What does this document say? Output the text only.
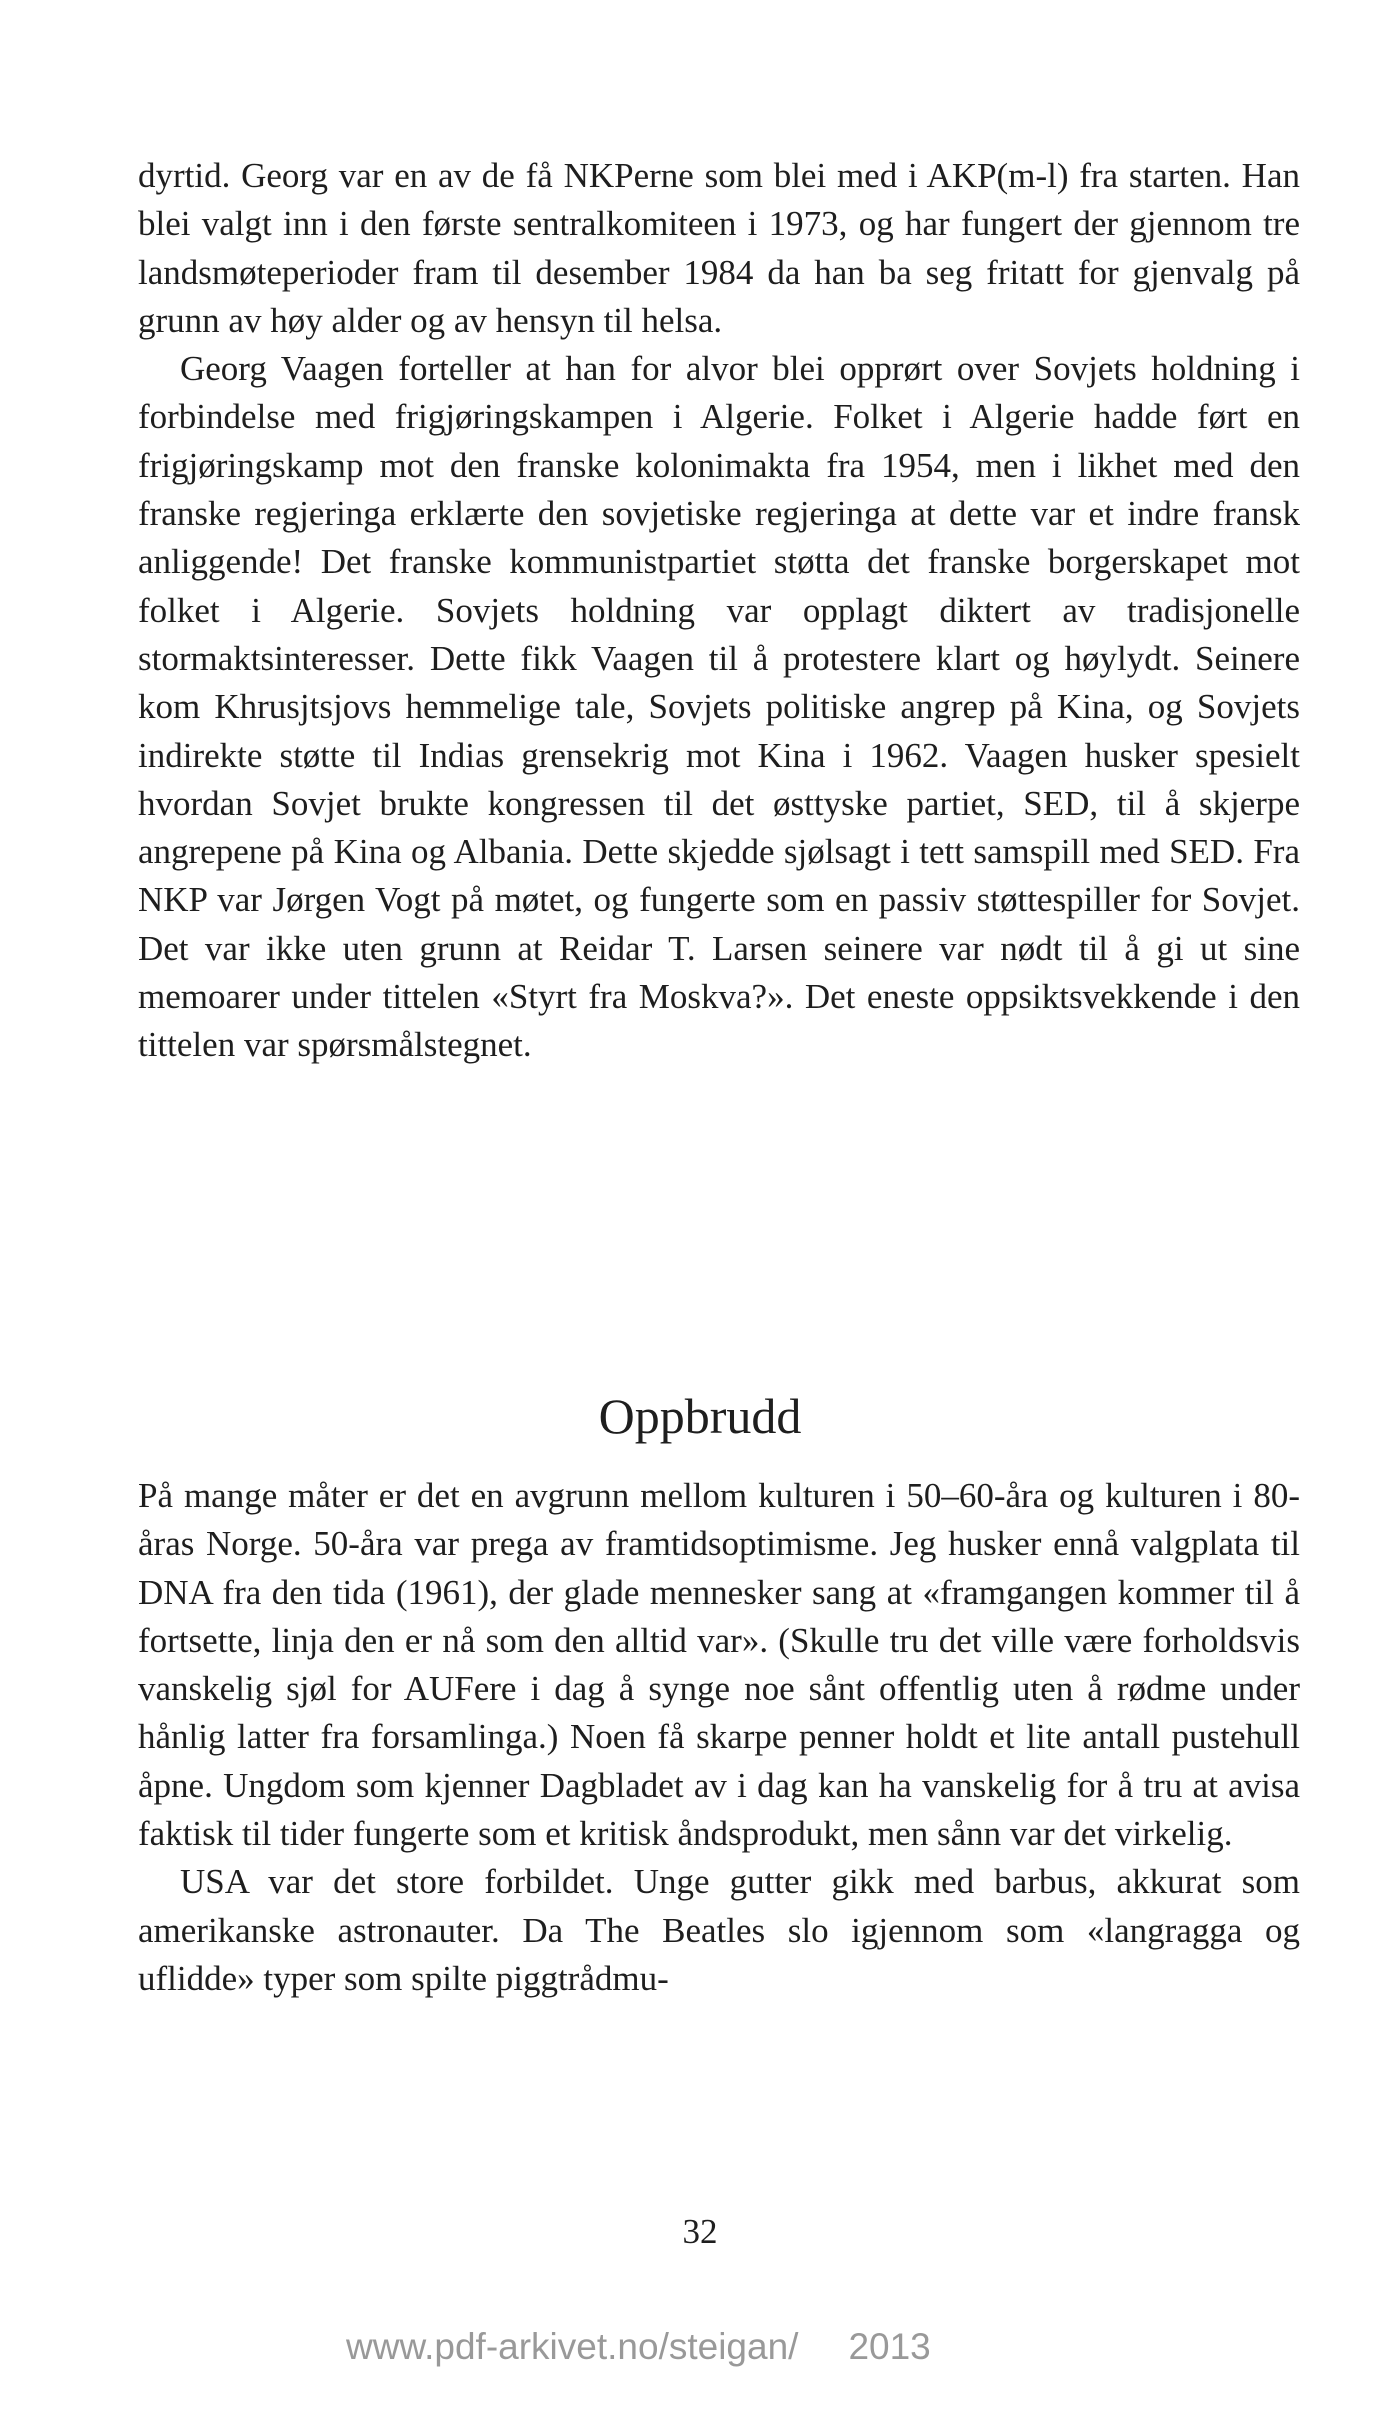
dyrtid. Georg var en av de få NKPerne som blei med i AKP(m-l) fra starten. Han blei valgt inn i den første sentralkomiteen i 1973, og har fungert der gjennom tre landsmøteperioder fram til desember 1984 da han ba seg fritatt for gjenvalg på grunn av høy alder og av hensyn til helsa.

Georg Vaagen forteller at han for alvor blei opprørt over Sovjets holdning i forbindelse med frigjøringskampen i Algerie. Folket i Algerie hadde ført en frigjøringskamp mot den franske kolonimakta fra 1954, men i likhet med den franske regjeringa erklærte den sovjetiske regjeringa at dette var et indre fransk anliggende! Det franske kommunistpartiet støtta det franske borgerskapet mot folket i Algerie. Sovjets holdning var opplagt diktert av tradisjonelle stormaktsinteresser. Dette fikk Vaagen til å protestere klart og høylydt. Seinere kom Khrusjtsjovs hemmelige tale, Sovjets politiske angrep på Kina, og Sovjets indirekte støtte til Indias grensekrig mot Kina i 1962. Vaagen husker spesielt hvordan Sovjet brukte kongressen til det østtyske partiet, SED, til å skjerpe angrepene på Kina og Albania. Dette skjedde sjølsagt i tett samspill med SED. Fra NKP var Jørgen Vogt på møtet, og fungerte som en passiv støttespiller for Sovjet. Det var ikke uten grunn at Reidar T. Larsen seinere var nødt til å gi ut sine memoarer under tittelen «Styrt fra Moskva?». Det eneste oppsiktsvekkende i den tittelen var spørsmålstegnet.

Oppbrudd

På mange måter er det en avgrunn mellom kulturen i 50–60-åra og kulturen i 80-åras Norge. 50-åra var prega av framtidsoptimisme. Jeg husker ennå valgplata til DNA fra den tida (1961), der glade mennesker sang at «framgangen kommer til å fortsette, linja den er nå som den alltid var». (Skulle tru det ville være forholdsvis vanskelig sjøl for AUFere i dag å synge noe sånt offentlig uten å rødme under hånlig latter fra forsamlinga.) Noen få skarpe penner holdt et lite antall pustehull åpne. Ungdom som kjenner Dagbladet av i dag kan ha vanskelig for å tru at avisa faktisk til tider fungerte som et kritisk åndsprodukt, men sånn var det virkelig.

USA var det store forbildet. Unge gutter gikk med barbus, akkurat som amerikanske astronauter. Da The Beatles slo igjennom som «langragga og uflidde» typer som spilte piggtrådmu-

32
www.pdf-arkivet.no/steigan/ 2013
